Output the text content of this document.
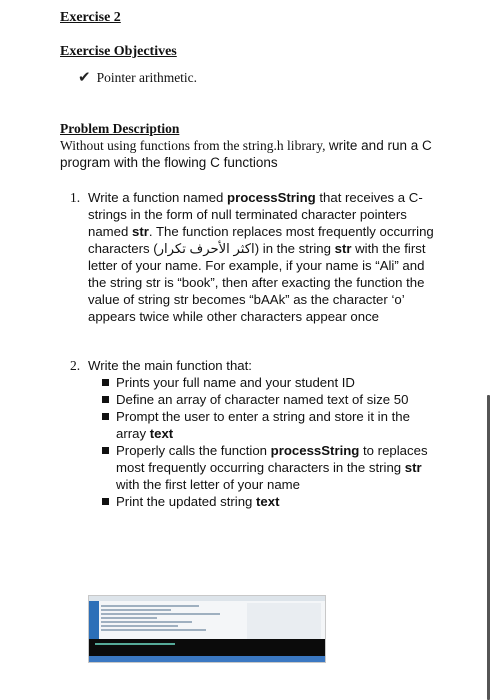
Exercise 2
Exercise Objectives
✔ Pointer arithmetic.
Problem Description
Without using functions from the string.h library, write and run a C program with the flowing C functions
1. Write a function named processString that receives a C-strings in the form of null terminated character pointers named str. The function replaces most frequently occurring characters (اكثر الأحرف تكرار) in the string str with the first letter of your name. For example, if your name is “Ali” and the string str is “book”, then after exacting the function the value of string str becomes “bAAk” as the character ‘o’ appears twice while other characters appear once
2. Write the main function that:
Prints your full name and your student ID
Define an array of character named text of size 50
Prompt the user to enter a string and store it in the array text
Properly calls the function processString to replaces most frequently occurring characters in the string str with the first letter of your name
Print the updated string text
